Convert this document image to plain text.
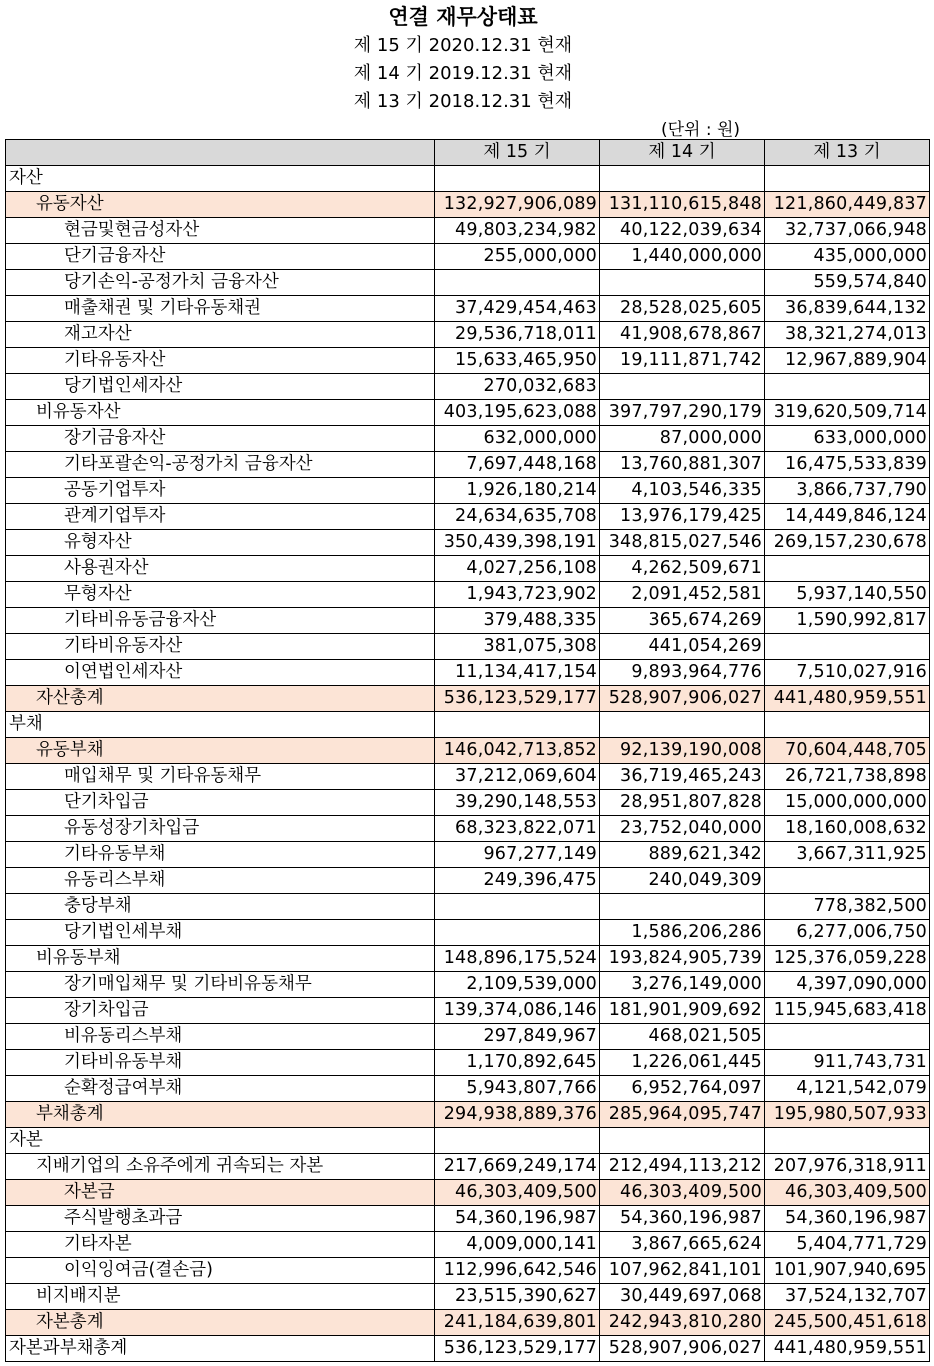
연결 재무상태표
제 15 기 2020.12.31 현재
제 14 기 2019.12.31 현재
제 13 기 2018.12.31 현재
(단위 : 원)
	제 15 기	제 14 기	제 13 기
자산			
유동자산	132,927,906,089	131,110,615,848	121,860,449,837
현금및현금성자산	49,803,234,982	40,122,039,634	32,737,066,948
단기금융자산	255,000,000	1,440,000,000	435,000,000
당기손익-공정가치 금융자산			559,574,840
매출채권 및 기타유동채권	37,429,454,463	28,528,025,605	36,839,644,132
재고자산	29,536,718,011	41,908,678,867	38,321,274,013
기타유동자산	15,633,465,950	19,111,871,742	12,967,889,904
당기법인세자산	270,032,683		
비유동자산	403,195,623,088	397,797,290,179	319,620,509,714
장기금융자산	632,000,000	87,000,000	633,000,000
기타포괄손익-공정가치 금융자산	7,697,448,168	13,760,881,307	16,475,533,839
공동기업투자	1,926,180,214	4,103,546,335	3,866,737,790
관계기업투자	24,634,635,708	13,976,179,425	14,449,846,124
유형자산	350,439,398,191	348,815,027,546	269,157,230,678
사용권자산	4,027,256,108	4,262,509,671	
무형자산	1,943,723,902	2,091,452,581	5,937,140,550
기타비유동금융자산	379,488,335	365,674,269	1,590,992,817
기타비유동자산	381,075,308	441,054,269	
이연법인세자산	11,134,417,154	9,893,964,776	7,510,027,916
자산총계	536,123,529,177	528,907,906,027	441,480,959,551
부채			
유동부채	146,042,713,852	92,139,190,008	70,604,448,705
매입채무 및 기타유동채무	37,212,069,604	36,719,465,243	26,721,738,898
단기차입금	39,290,148,553	28,951,807,828	15,000,000,000
유동성장기차입금	68,323,822,071	23,752,040,000	18,160,008,632
기타유동부채	967,277,149	889,621,342	3,667,311,925
유동리스부채	249,396,475	240,049,309	
충당부채			778,382,500
당기법인세부채		1,586,206,286	6,277,006,750
비유동부채	148,896,175,524	193,824,905,739	125,376,059,228
장기매입채무 및 기타비유동채무	2,109,539,000	3,276,149,000	4,397,090,000
장기차입금	139,374,086,146	181,901,909,692	115,945,683,418
비유동리스부채	297,849,967	468,021,505	
기타비유동부채	1,170,892,645	1,226,061,445	911,743,731
순확정급여부채	5,943,807,766	6,952,764,097	4,121,542,079
부채총계	294,938,889,376	285,964,095,747	195,980,507,933
자본			
지배기업의 소유주에게 귀속되는 자본	217,669,249,174	212,494,113,212	207,976,318,911
자본금	46,303,409,500	46,303,409,500	46,303,409,500
주식발행초과금	54,360,196,987	54,360,196,987	54,360,196,987
기타자본	4,009,000,141	3,867,665,624	5,404,771,729
이익잉여금(결손금)	112,996,642,546	107,962,841,101	101,907,940,695
비지배지분	23,515,390,627	30,449,697,068	37,524,132,707
자본총계	241,184,639,801	242,943,810,280	245,500,451,618
자본과부채총계	536,123,529,177	528,907,906,027	441,480,959,551
